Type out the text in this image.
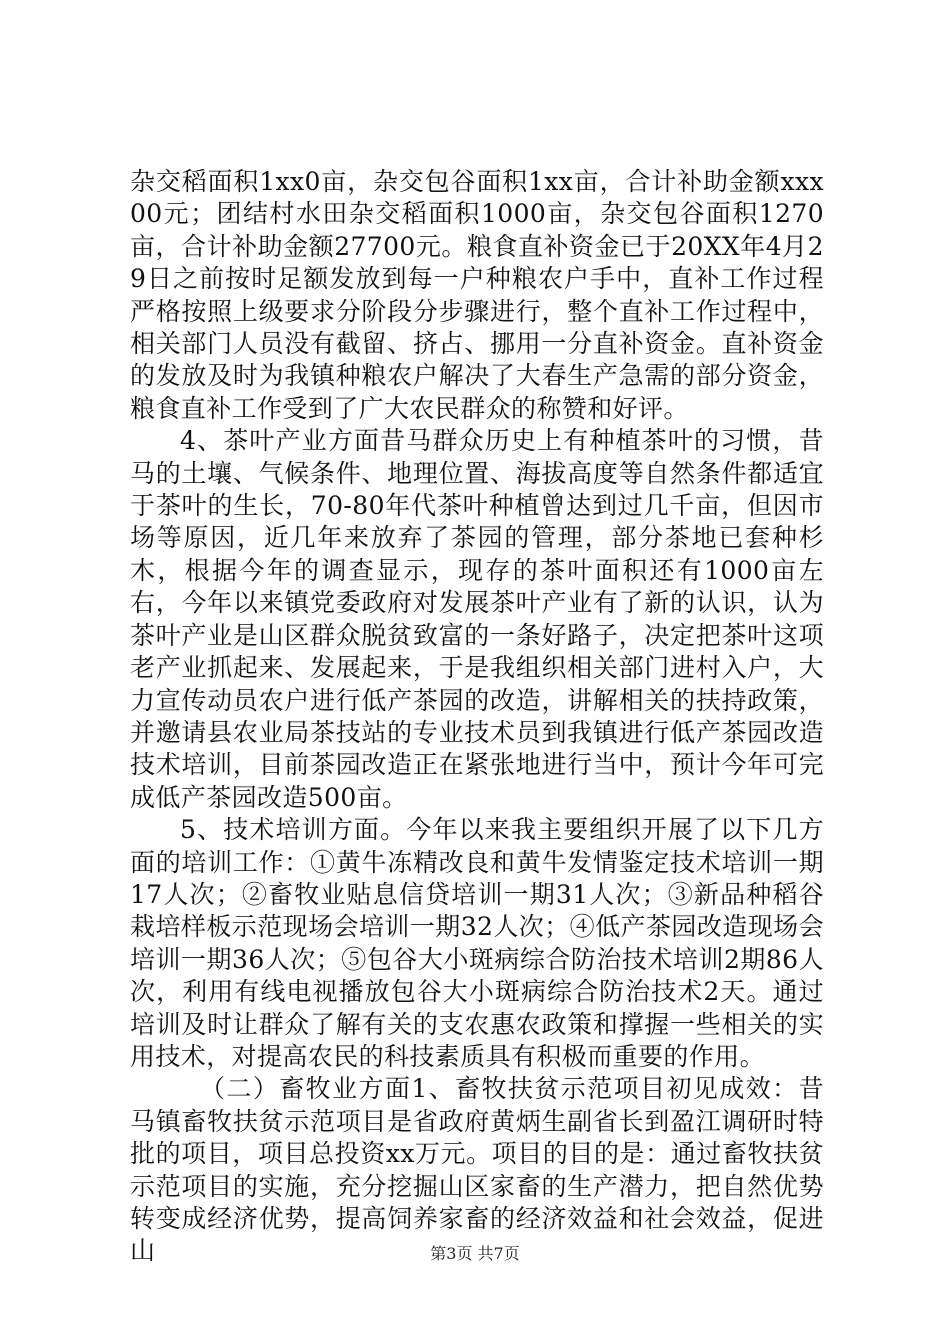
杂交稻面积1xx0亩，杂交包谷面积1xx亩，合计补助金额xxx00元；团结村水田杂交稻面积1000亩，杂交包谷面积1270亩，合计补助金额27700元。粮食直补资金已于20XX年4月29日之前按时足额发放到每一户种粮农户手中，直补工作过程严格按照上级要求分阶段分步骤进行，整个直补工作过程中，相关部门人员没有截留、挤占、挪用一分直补资金。直补资金的发放及时为我镇种粮农户解决了大春生产急需的部分资金，粮食直补工作受到了广大农民群众的称赞和好评。

4、茶叶产业方面昔马群众历史上有种植茶叶的习惯，昔马的土壤、气候条件、地理位置、海拔高度等自然条件都适宜于茶叶的生长，70-80年代茶叶种植曾达到过几千亩，但因市场等原因，近几年来放弃了茶园的管理，部分茶地已套种杉木，根据今年的调查显示，现存的茶叶面积还有1000亩左右，今年以来镇党委政府对发展茶叶产业有了新的认识，认为茶叶产业是山区群众脱贫致富的一条好路子，决定把茶叶这项老产业抓起来、发展起来，于是我组织相关部门进村入户，大力宣传动员农户进行低产茶园的改造，讲解相关的扶持政策，并邀请县农业局茶技站的专业技术员到我镇进行低产茶园改造技术培训，目前茶园改造正在紧张地进行当中，预计今年可完成低产茶园改造500亩。

5、技术培训方面。今年以来我主要组织开展了以下几方面的培训工作：①黄牛冻精改良和黄牛发情鉴定技术培训一期17人次；②畜牧业贴息信贷培训一期31人次；③新品种稻谷栽培样板示范现场会培训一期32人次；④低产茶园改造现场会培训一期36人次；⑤包谷大小斑病综合防治技术培训2期86人次，利用有线电视播放包谷大小斑病综合防治技术2天。通过培训及时让群众了解有关的支农惠农政策和撑握一些相关的实用技术，对提高农民的科技素质具有积极而重要的作用。

（二）畜牧业方面1、畜牧扶贫示范项目初见成效：昔马镇畜牧扶贫示范项目是省政府黄炳生副省长到盈江调研时特批的项目，项目总投资xx万元。项目的目的是：通过畜牧扶贫示范项目的实施，充分挖掘山区家畜的生产潜力，把自然优势转变成经济优势，提高饲养家畜的经济效益和社会效益，促进山	第3页 共7页
